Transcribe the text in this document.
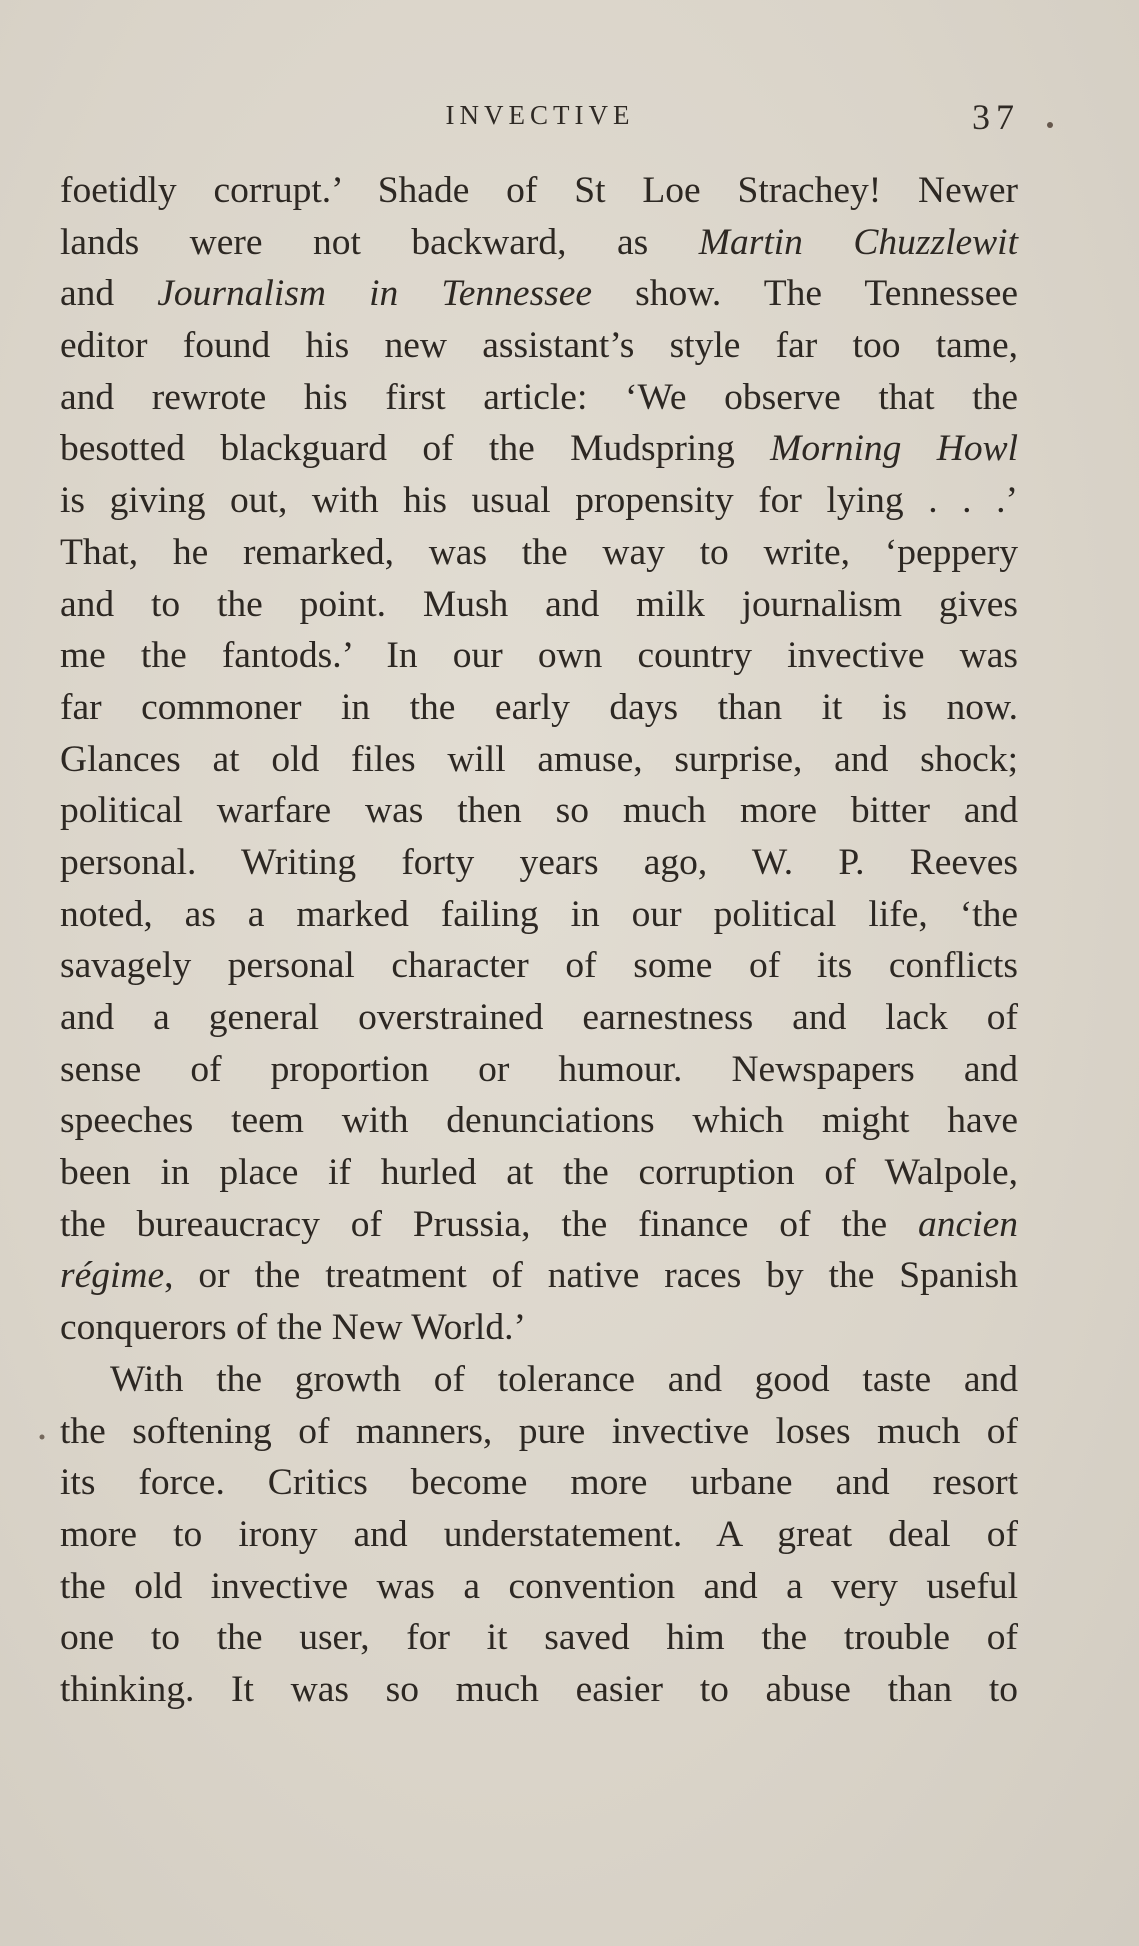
INVECTIVE	37
foetidly corrupt.’ Shade of St Loe Strachey! Newer
lands were not backward, as Martin Chuzzlewit
and Journalism in Tennessee show. The Tennessee
editor found his new assistant’s style far too tame,
and rewrote his first article: ‘We observe that the
besotted blackguard of the Mudspring Morning Howl
is giving out, with his usual propensity for lying . . .’
That, he remarked, was the way to write, ‘peppery
and to the point. Mush and milk journalism gives
me the fantods.’ In our own country invective was
far commoner in the early days than it is now.
Glances at old files will amuse, surprise, and shock;
political warfare was then so much more bitter and
personal. Writing forty years ago, W. P. Reeves
noted, as a marked failing in our political life, ‘the
savagely personal character of some of its conflicts
and a general overstrained earnestness and lack of
sense of proportion or humour. Newspapers and
speeches teem with denunciations which might have
been in place if hurled at the corruption of Walpole,
the bureaucracy of Prussia, the finance of the ancien
régime, or the treatment of native races by the Spanish
conquerors of the New World.’
With the growth of tolerance and good taste and
the softening of manners, pure invective loses much of
its force. Critics become more urbane and resort
more to irony and understatement. A great deal of
the old invective was a convention and a very useful
one to the user, for it saved him the trouble of
thinking. It was so much easier to abuse than to
